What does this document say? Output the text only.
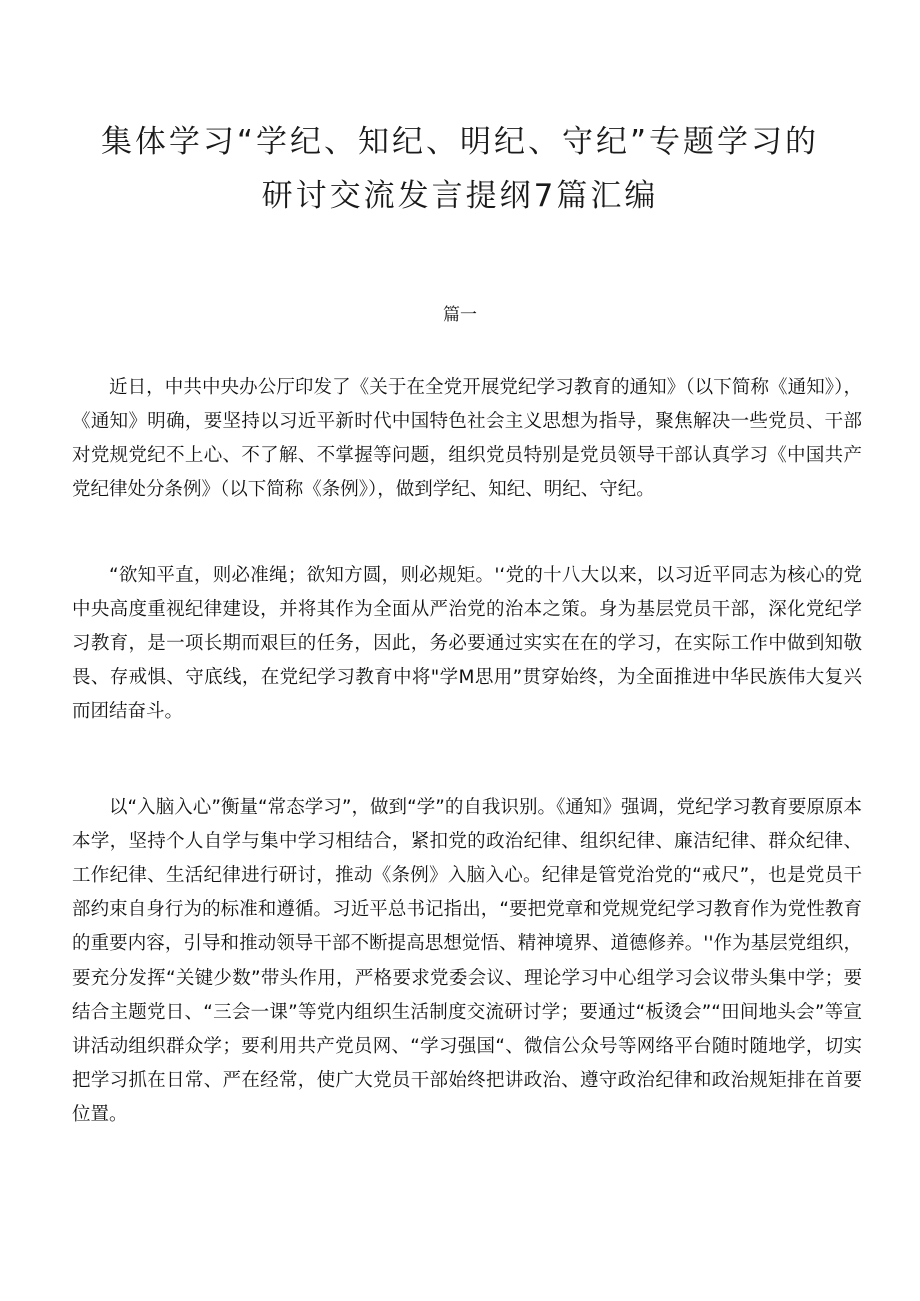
集体学习“学纪、知纪、明纪、守纪”专题学习的
研讨交流发言提纲7篇汇编
篇一

近日，中共中央办公厅印发了《关于在全党开展党纪学习教育的通知》（以下简称《通知》），《通知》明确，要坚持以习近平新时代中国特色社会主义思想为指导，聚焦解决一些党员、干部对党规党纪不上心、不了解、不掌握等问题，组织党员特别是党员领导干部认真学习《中国共产党纪律处分条例》（以下简称《条例》），做到学纪、知纪、明纪、守纪。

“欲知平直，则必准绳；欲知方圆，则必规矩。'‘党的十八大以来，以习近平同志为核心的党中央高度重视纪律建设，并将其作为全面从严治党的治本之策。身为基层党员干部，深化党纪学习教育，是一项长期而艰巨的任务，因此，务必要通过实实在在的学习，在实际工作中做到知敬畏、存戒惧、守底线，在党纪学习教育中将"学M思用”贯穿始终，为全面推进中华民族伟大复兴而团结奋斗。

以“入脑入心”衡量“常态学习”，做到“学”的自我识别。《通知》强调，党纪学习教育要原原本本学，坚持个人自学与集中学习相结合，紧扣党的政治纪律、组织纪律、廉洁纪律、群众纪律、工作纪律、生活纪律进行研讨，推动《条例》入脑入心。纪律是管党治党的“戒尺”，也是党员干部约束自身行为的标准和遵循。习近平总书记指出，“要把党章和党规党纪学习教育作为党性教育的重要内容，引导和推动领导干部不断提高思想觉悟、精神境界、道德修养。''作为基层党组织，要充分发挥“关键少数”带头作用，严格要求党委会议、理论学习中心组学习会议带头集中学；要结合主题党日、“三会一课”等党内组织生活制度交流研讨学；要通过“板烫会”“田间地头会”等宣讲活动组织群众学；要利用共产党员网、“学习强国“、微信公众号等网络平台随时随地学，切实把学习抓在日常、严在经常，使广大党员干部始终把讲政治、遵守政治纪律和政治规矩排在首要位置。
